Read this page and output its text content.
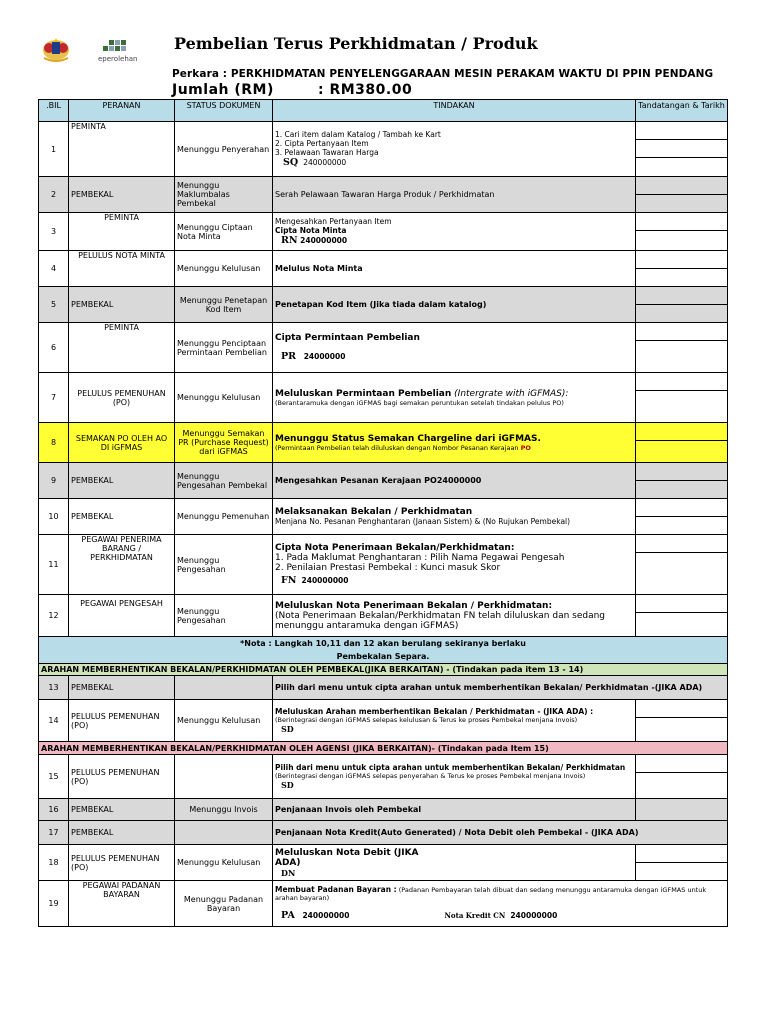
eperolehan
Pembelian Terus Perkhidmatan / Produk
Perkara : PERKHIDMATAN PENYELENGGARAAN MESIN PERAKAM WAKTU DI PPIN PENDANG
Jumlah (RM)	: RM380.00
.BIL	PERANAN	STATUS DOKUMEN	TINDAKAN	Tandatangan & Tarikh
1	PEMINTA	Menunggu Penyerahan	1. Cari item dalam Katalog / Tambah ke Kart
2. Cipta Pertanyaan Item
3. Pelawaan Tawaran Harga
SQ 240000000	

2	PEMBEKAL	Menunggu Maklumbalas Pembekal	Serah Pelawaan Tawaran Harga Produk / Perkhidmatan	

3	PEMINTA	Menunggu Ciptaan Nota Minta	Mengesahkan Pertanyaan Item
Cipta Nota Minta
RN 240000000	

4	PELULUS NOTA MINTA	Menunggu Kelulusan	Melulus Nota Minta	

5	PEMBEKAL	Menunggu Penetapan Kod Item	Penetapan Kod Item (Jika tiada dalam katalog)	

6	PEMINTA	Menunggu Penciptaan Permintaan Pembelian	Cipta Permintaan Pembelian
PR 24000000	

7	PELULUS PEMENUHAN (PO)	Menunggu Kelulusan	Meluluskan Permintaan Pembelian (Intergrate with iGFMAS):
(Berantaramuka dengan iGFMAS bagi semakan peruntukan setelah tindakan pelulus PO)	

8	SEMAKAN PO OLEH AO DI iGFMAS	Menunggu Semakan PR (Purchase Request) dari iGFMAS	Menunggu Status Semakan Chargeline dari iGFMAS.
(Permintaan Pembelian telah diluluskan dengan Nombor Pesanan Kerajaan PO	

9	PEMBEKAL	Menunggu Pengesahan Pembekal	Mengesahkan Pesanan Kerajaan PO24000000	

10	PEMBEKAL	Menunggu Pemenuhan	Melaksanakan Bekalan / Perkhidmatan
Menjana No. Pesanan Penghantaran (Janaan Sistem) & (No Rujukan Pembekal)	

11	PEGAWAI PENERIMA BARANG / PERKHIDMATAN	Menunggu Pengesahan	Cipta Nota Penerimaan Bekalan/Perkhidmatan:
1. Pada Maklumat Penghantaran : Pilih Nama Pegawai Pengesah
2. Penilaian Prestasi Pembekal : Kunci masuk Skor
FN 240000000	

12	PEGAWAI PENGESAH	Menunggu Pengesahan	Meluluskan Nota Penerimaan Bekalan / Perkhidmatan:
(Nota Penerimaan Bekalan/Perkhidmatan FN telah diluluskan dan sedang menunggu antaramuka dengan iGFMAS)	

*Nota : Langkah 10,11 dan 12 akan berulang sekiranya berlaku Pembekalan Separa.				

ARAHAN MEMBERHENTIKAN BEKALAN/PERKHIDMATAN OLEH PEMBEKAL(JIKA BERKAITAN) - (Tindakan pada item 13 - 14)				
13	PEMBEKAL		Pilih dari menu untuk cipta arahan untuk memberhentikan Bekalan/ Perkhidmatan -(JIKA ADA)	
14	PELULUS PEMENUHAN (PO)	Menunggu Kelulusan	Meluluskan Arahan memberhentikan Bekalan / Perkhidmatan - (JIKA ADA) :
(Berintegrasi dengan iGFMAS selepas kelulusan & Terus ke proses Pembekal menjana Invois)
SD	

ARAHAN MEMBERHENTIKAN BEKALAN/PERKHIDMATAN OLEH AGENSI (JIKA BERKAITAN)- (Tindakan pada Item 15)				
15	PELULUS PEMENUHAN (PO)		Pilih dari menu untuk cipta arahan untuk memberhentikan Bekalan/ Perkhidmatan
(Berintegrasi dengan iGFMAS selepas penyerahan & Terus ke proses Pembekal menjana Invois)
SD	

16	PEMBEKAL	Menunggu Invois	Penjanaan Invois oleh Pembekal	

17	PEMBEKAL		Penjanaan Nota Kredit(Auto Generated) / Nota Debit oleh Pembekal - (JIKA ADA)	
18	PELULUS PEMENUHAN (PO)	Menunggu Kelulusan	Meluluskan Nota Debit (JIKA ADA)
DN	

19	PEGAWAI PADANAN BAYARAN	Menunggu Padanan Bayaran	Membuat Padanan Bayaran : (Padanan Pembayaran telah dibuat dan sedang menunggu antaramuka dengan iGFMAS untuk arahan bayaran)
PA 240000000 Nota Kredit CN 240000000	
